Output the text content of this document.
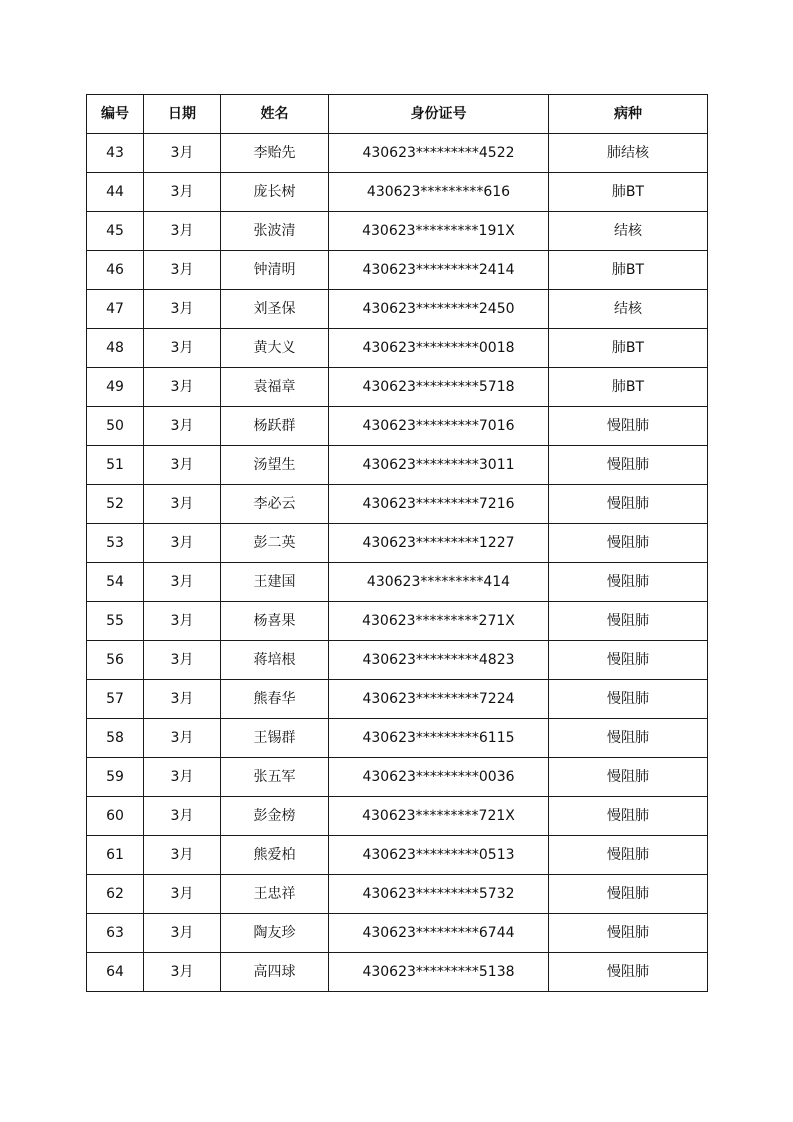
编号	日期	姓名	身份证号	病种
43	3月	李贻先	430623*********4522	肺结核
44	3月	庞长树	430623*********616	肺BT
45	3月	张波清	430623*********191X	结核
46	3月	钟清明	430623*********2414	肺BT
47	3月	刘圣保	430623*********2450	结核
48	3月	黄大义	430623*********0018	肺BT
49	3月	袁福章	430623*********5718	肺BT
50	3月	杨跃群	430623*********7016	慢阻肺
51	3月	汤望生	430623*********3011	慢阻肺
52	3月	李必云	430623*********7216	慢阻肺
53	3月	彭二英	430623*********1227	慢阻肺
54	3月	王建国	430623*********414	慢阻肺
55	3月	杨喜果	430623*********271X	慢阻肺
56	3月	蒋培根	430623*********4823	慢阻肺
57	3月	熊春华	430623*********7224	慢阻肺
58	3月	王锡群	430623*********6115	慢阻肺
59	3月	张五军	430623*********0036	慢阻肺
60	3月	彭金榜	430623*********721X	慢阻肺
61	3月	熊爱柏	430623*********0513	慢阻肺
62	3月	王忠祥	430623*********5732	慢阻肺
63	3月	陶友珍	430623*********6744	慢阻肺
64	3月	高四球	430623*********5138	慢阻肺
